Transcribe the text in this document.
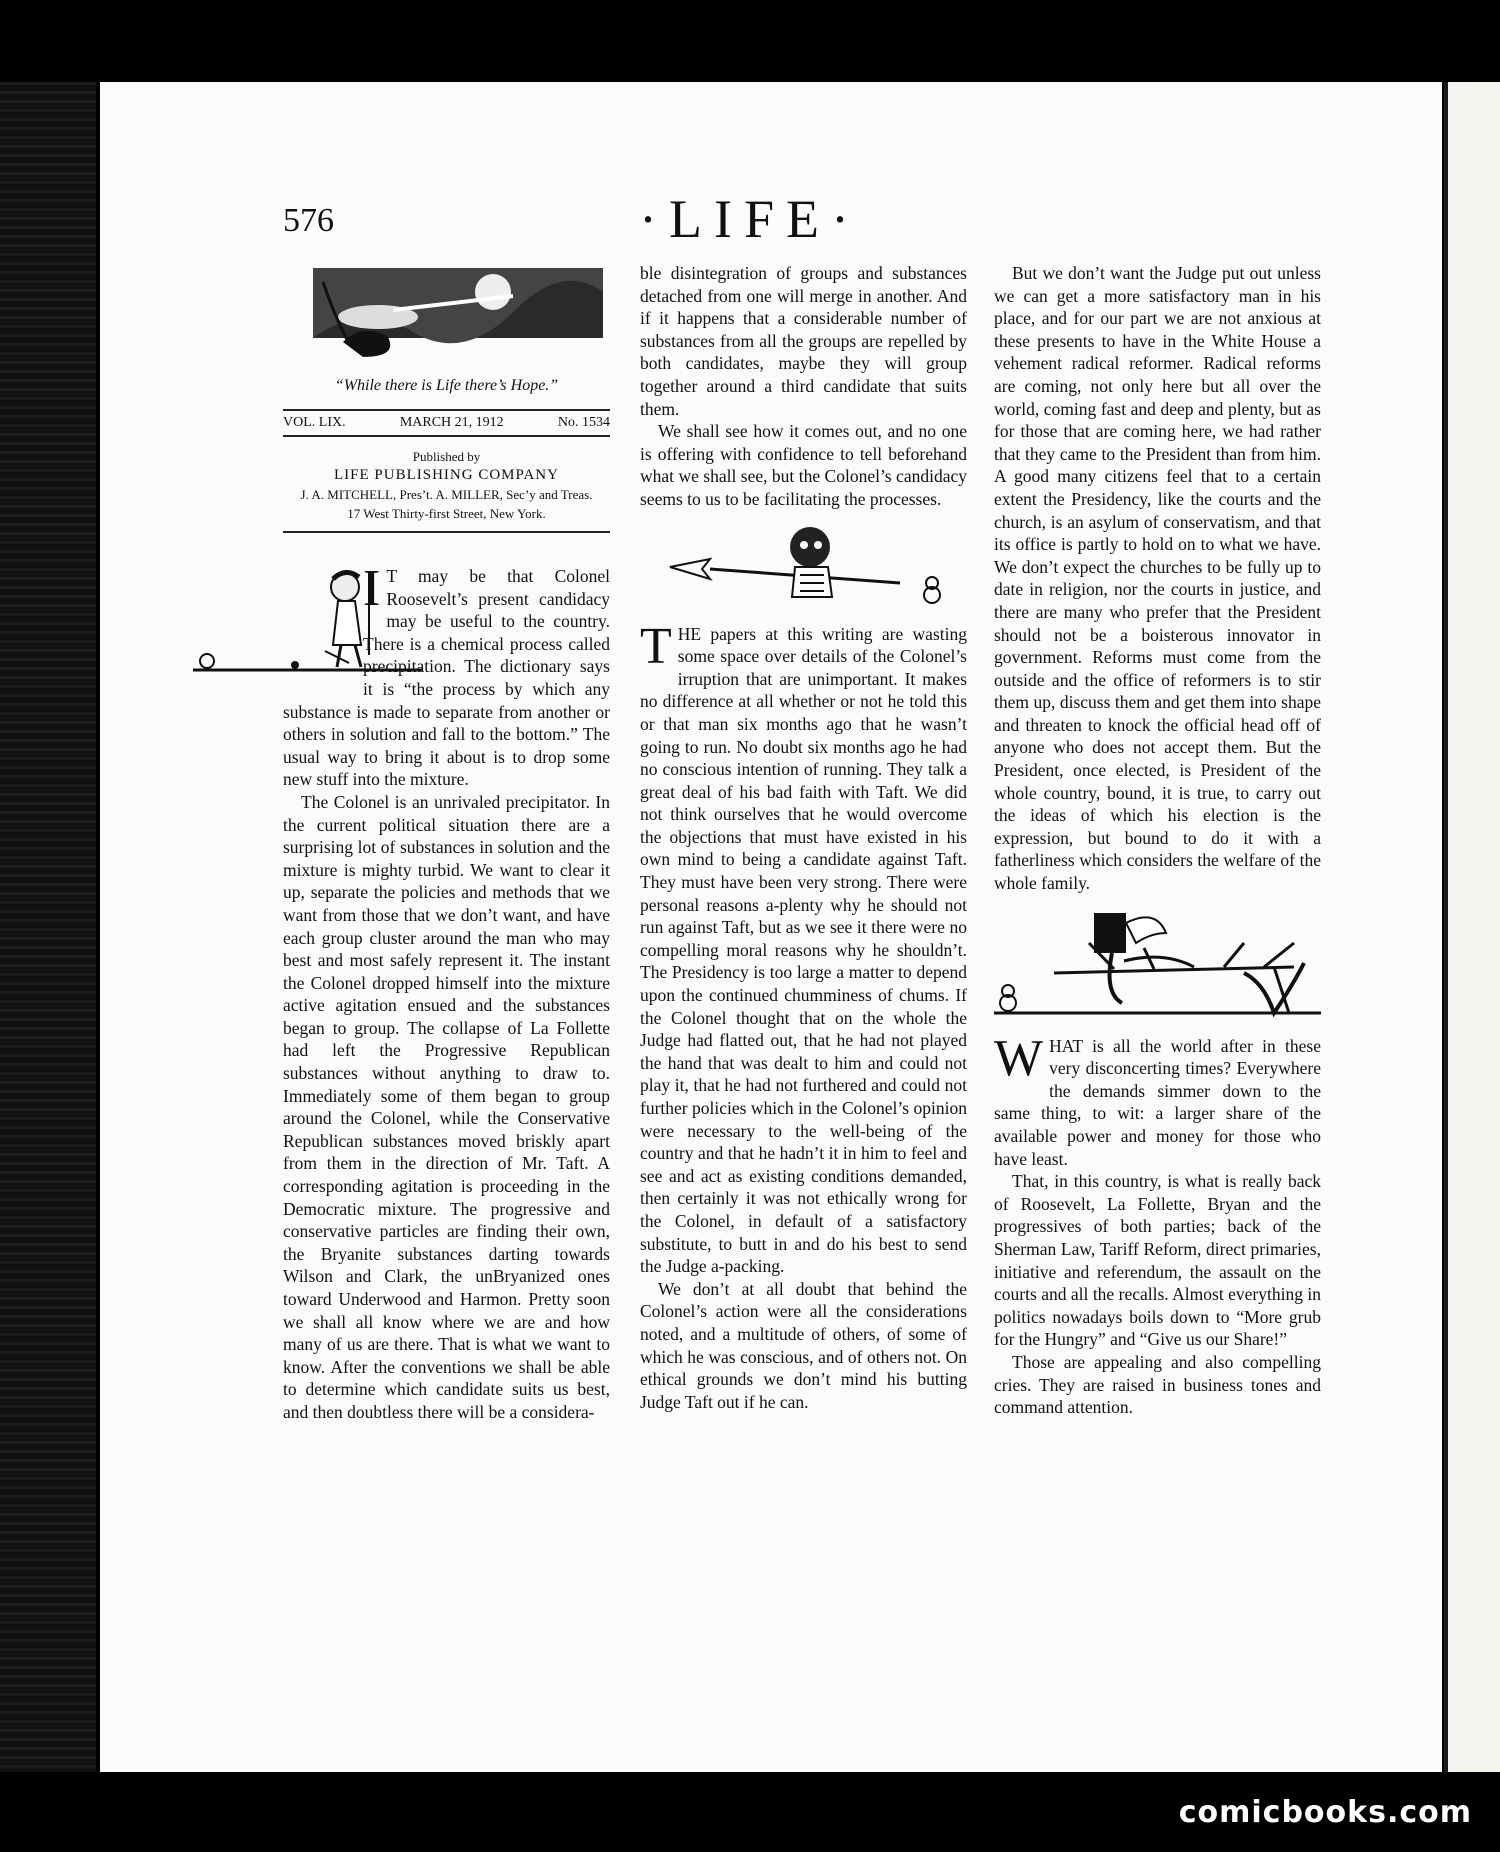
576	·LIFE·
“While there is Life there’s Hope.”
VOL. LIX.	MARCH 21, 1912	No. 1534
Published by
LIFE PUBLISHING COMPANY
J. A. MITCHELL, Pres’t. A. MILLER, Sec’y and Treas.
17 West Thirty-first Street, New York.

I T may be that Colonel Roosevelt’s present candidacy may be useful to the country. There is a chemical process called precipitation. The dictionary says it is “the process by which any substance is made to separate from another or others in solution and fall to the bottom.” The usual way to bring it about is to drop some new stuff into the mixture.

The Colonel is an unrivaled precipitator. In the current political situation there are a surprising lot of substances in solution and the mixture is mighty turbid. We want to clear it up, separate the policies and methods that we want from those that we don’t want, and have each group cluster around the man who may best and most safely represent it. The instant the Colonel dropped himself into the mixture active agitation ensued and the substances began to group. The collapse of La Follette had left the Progressive Republican substances without anything to draw to. Immediately some of them began to group around the Colonel, while the Conservative Republican substances moved briskly apart from them in the direction of Mr. Taft. A corresponding agitation is proceeding in the Democratic mixture. The progressive and conservative particles are finding their own, the Bryanite substances darting towards Wilson and Clark, the unBryanized ones toward Underwood and Harmon. Pretty soon we shall all know where we are and how many of us are there. That is what we want to know. After the conventions we shall be able to determine which candidate suits us best, and then doubtless there will be a considera-

ble disintegration of groups and substances detached from one will merge in another. And if it happens that a considerable number of substances from all the groups are repelled by both candidates, maybe they will group together around a third candidate that suits them.

We shall see how it comes out, and no one is offering with confidence to tell beforehand what we shall see, but the Colonel’s candidacy seems to us to be facilitating the processes.

THE papers at this writing are wasting some space over details of the Colonel’s irruption that are unimportant. It makes no difference at all whether or not he told this or that man six months ago that he wasn’t going to run. No doubt six months ago he had no conscious intention of running. They talk a great deal of his bad faith with Taft. We did not think ourselves that he would overcome the objections that must have existed in his own mind to being a candidate against Taft. They must have been very strong. There were personal reasons a-plenty why he should not run against Taft, but as we see it there were no compelling moral reasons why he shouldn’t. The Presidency is too large a matter to depend upon the continued chumminess of chums. If the Colonel thought that on the whole the Judge had flatted out, that he had not played the hand that was dealt to him and could not play it, that he had not furthered and could not further policies which in the Colonel’s opinion were necessary to the well-being of the country and that he hadn’t it in him to feel and see and act as existing conditions demanded, then certainly it was not ethically wrong for the Colonel, in default of a satisfactory substitute, to butt in and do his best to send the Judge a-packing.

We don’t at all doubt that behind the Colonel’s action were all the considerations noted, and a multitude of others, of some of which he was conscious, and of others not. On ethical grounds we don’t mind his butting Judge Taft out if he can.

But we don’t want the Judge put out unless we can get a more satisfactory man in his place, and for our part we are not anxious at these presents to have in the White House a vehement radical reformer. Radical reforms are coming, not only here but all over the world, coming fast and deep and plenty, but as for those that are coming here, we had rather that they came to the President than from him. A good many citizens feel that to a certain extent the Presidency, like the courts and the church, is an asylum of conservatism, and that its office is partly to hold on to what we have. We don’t expect the churches to be fully up to date in religion, nor the courts in justice, and there are many who prefer that the President should not be a boisterous innovator in government. Reforms must come from the outside and the office of reformers is to stir them up, discuss them and get them into shape and threaten to knock the official head off of anyone who does not accept them. But the President, once elected, is President of the whole country, bound, it is true, to carry out the ideas of which his election is the expression, but bound to do it with a fatherliness which considers the welfare of the whole family.

WHAT is all the world after in these very disconcerting times? Everywhere the demands simmer down to the same thing, to wit: a larger share of the available power and money for those who have least.

That, in this country, is what is really back of Roosevelt, La Follette, Bryan and the progressives of both parties; back of the Sherman Law, Tariff Reform, direct primaries, initiative and referendum, the assault on the courts and all the recalls. Almost everything in politics nowadays boils down to “More grub for the Hungry” and “Give us our Share!”

Those are appealing and also compelling cries. They are raised in business tones and command attention.

comicbooks.com
